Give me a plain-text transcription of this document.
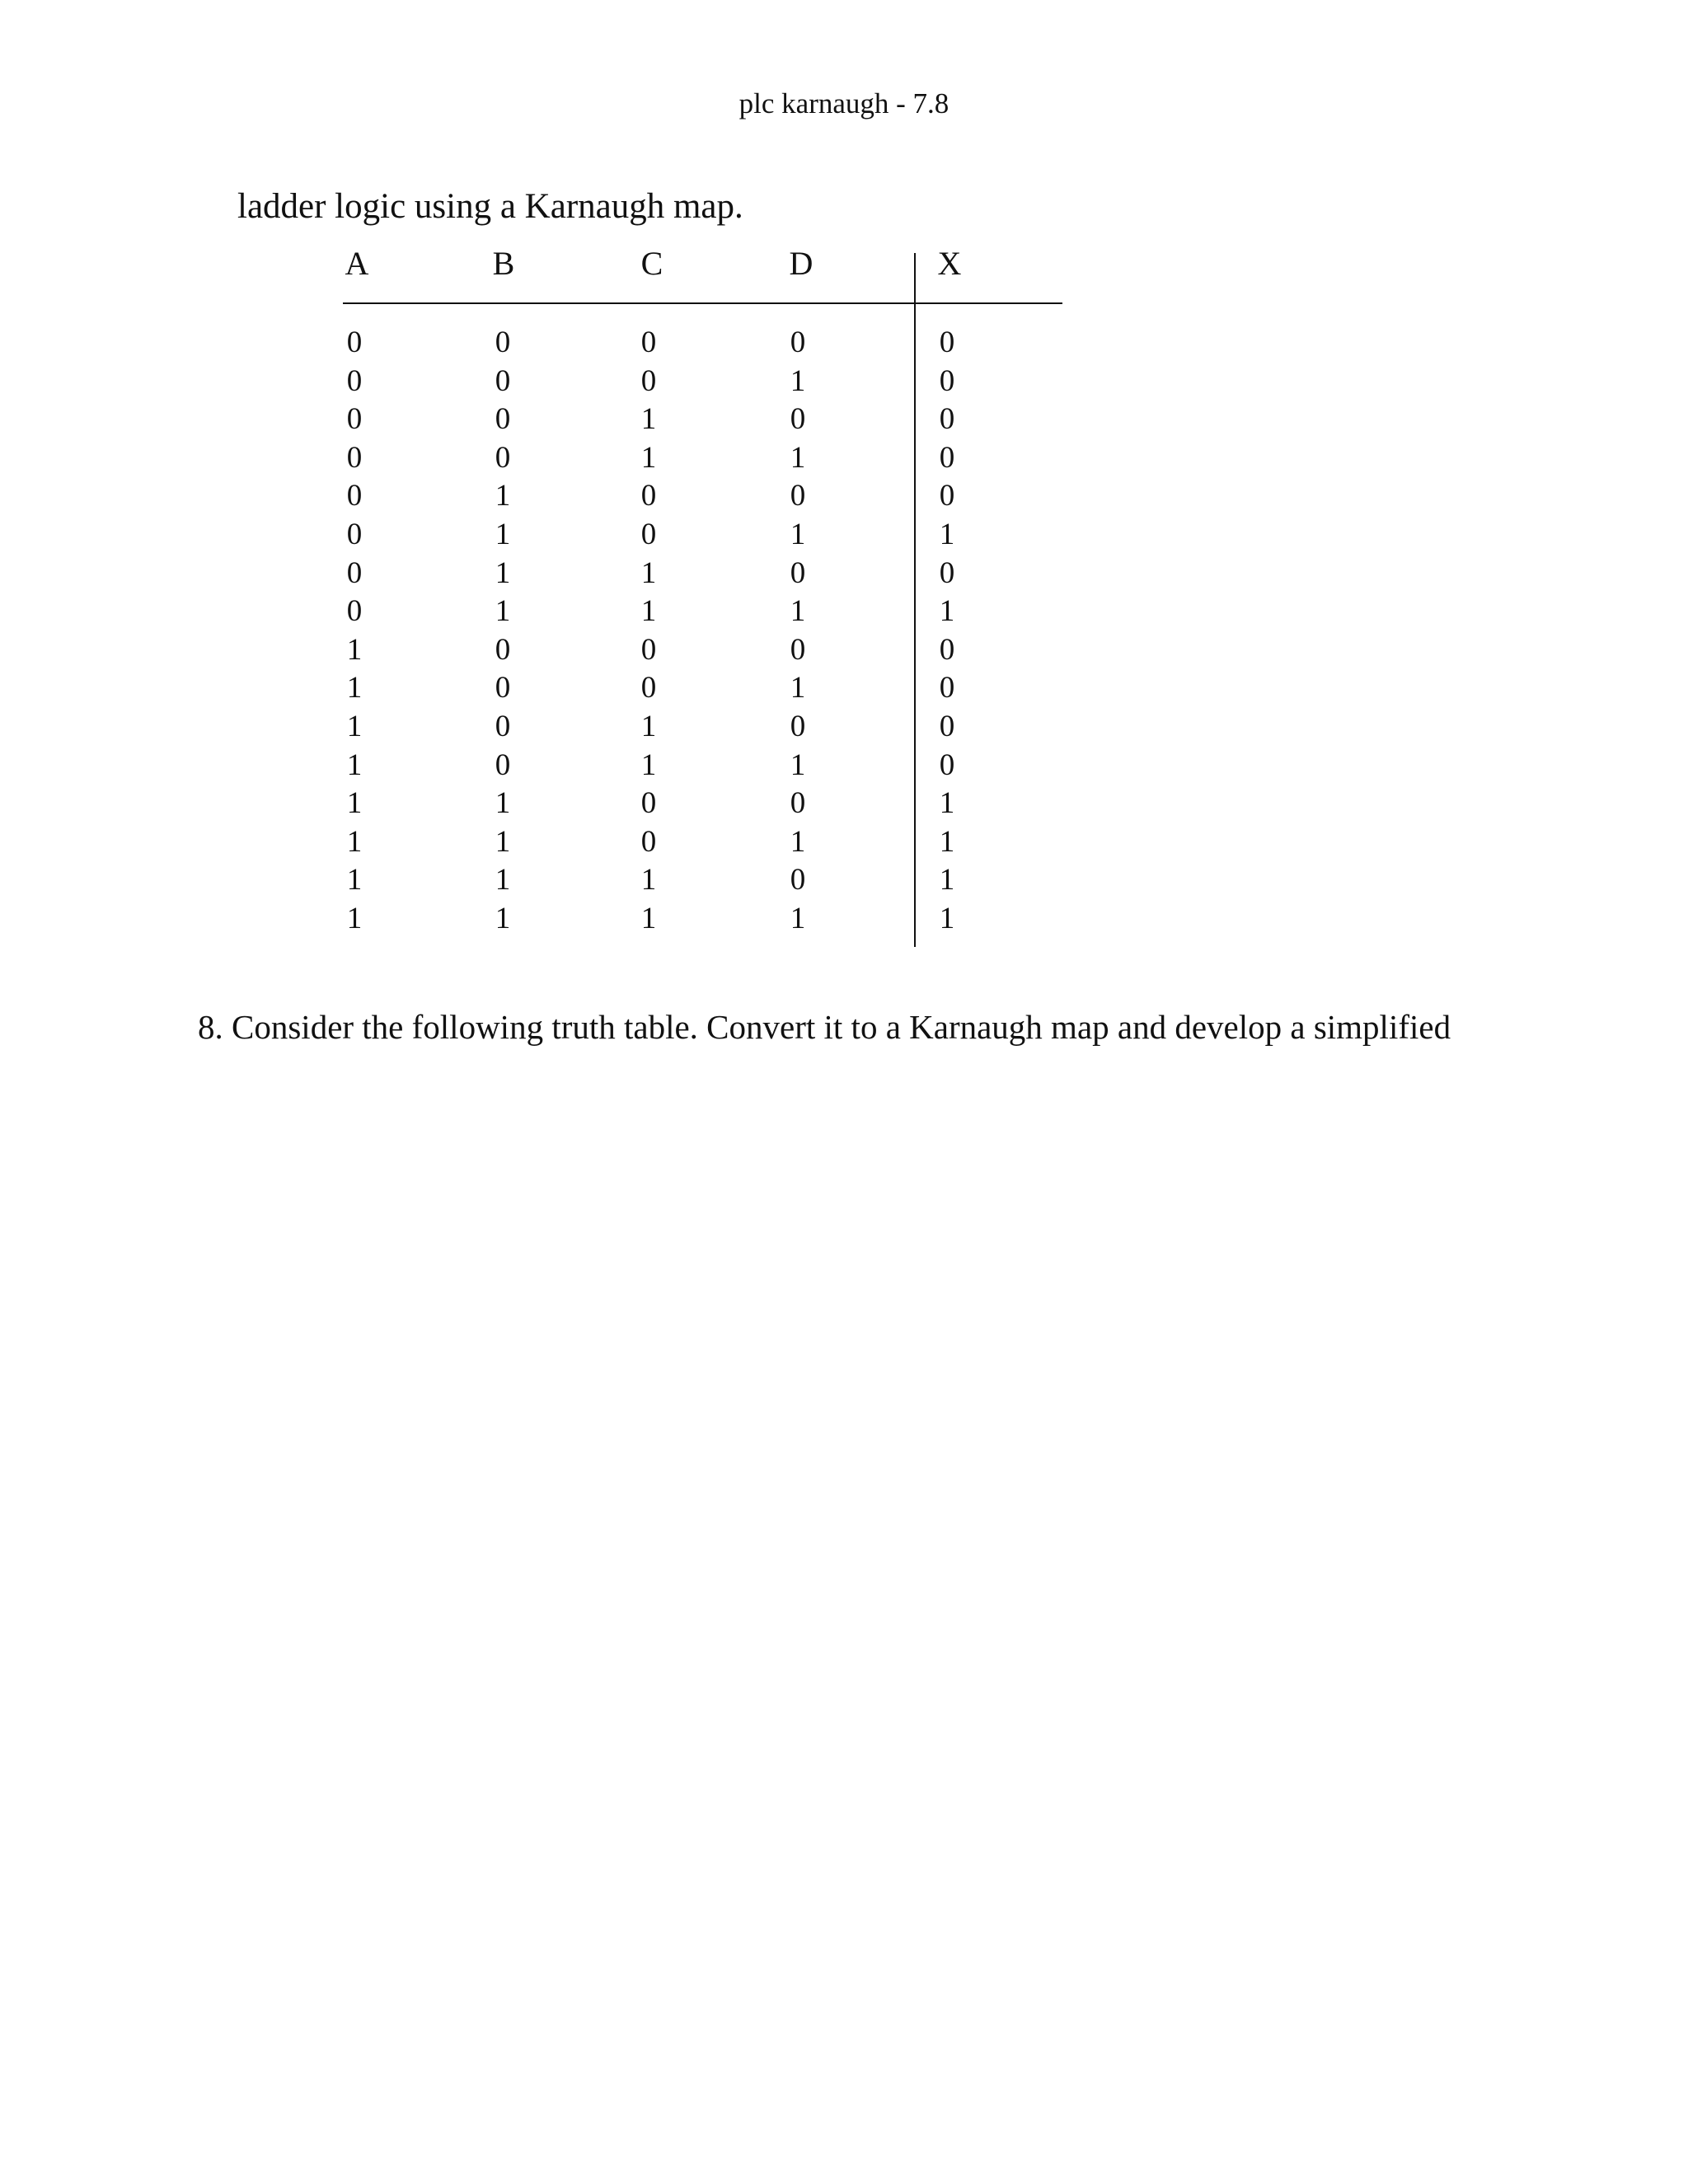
plc karnaugh - 7.8
ladder logic using a Karnaugh map.
A	B	C	D	X
0	0	0	0	0
0	0	0	1	0
0	0	1	0	0
0	0	1	1	0
0	1	0	0	0
0	1	0	1	1
0	1	1	0	0
0	1	1	1	1
1	0	0	0	0
1	0	0	1	0
1	0	1	0	0
1	0	1	1	0
1	1	0	0	1
1	1	0	1	1
1	1	1	0	1
1	1	1	1	1
8. Consider the following truth table. Convert it to a Karnaugh map and develop a simplified
